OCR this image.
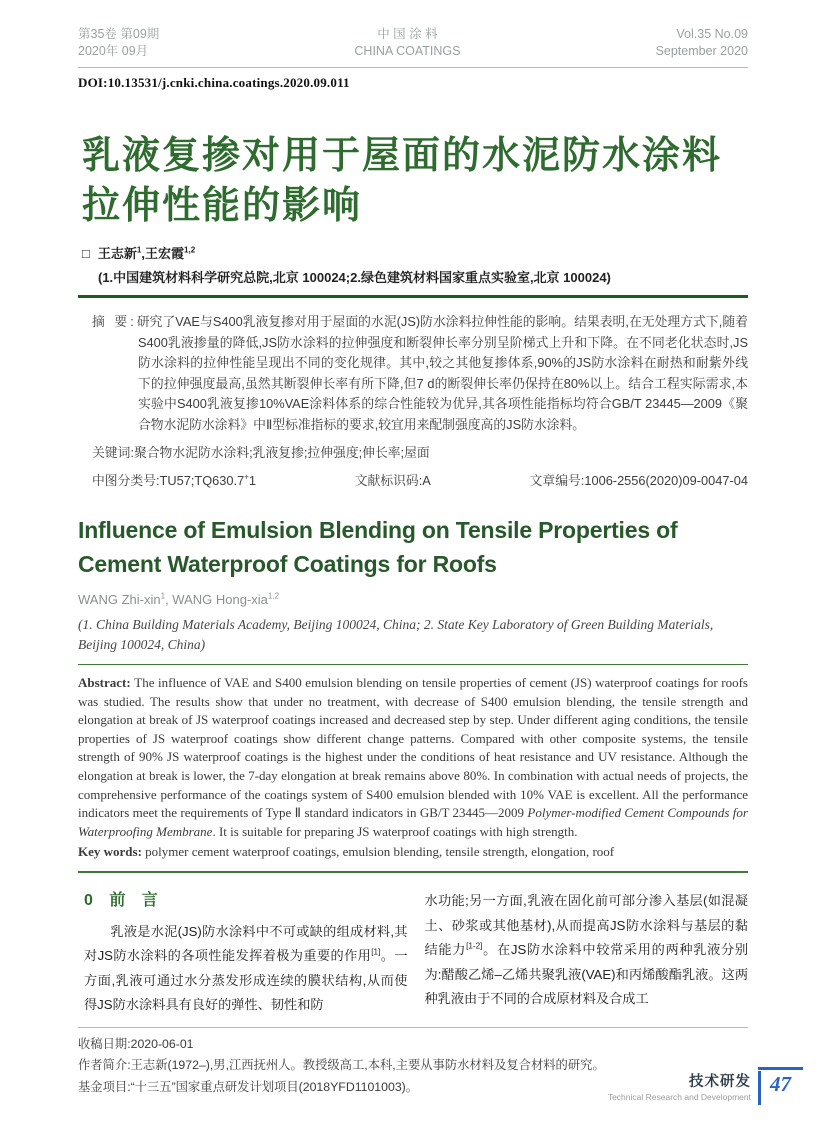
第35卷 第09期
2020年 09月
中 国 涂 料
CHINA COATINGS
Vol.35 No.09
September 2020
DOI:10.13531/j.cnki.china.coatings.2020.09.011
乳液复掺对用于屋面的水泥防水涂料
拉伸性能的影响
□ 王志新$^1$,王宏霞$^{1,2}$
(1.中国建筑材料科学研究总院,北京 100024;2.绿色建筑材料国家重点实验室,北京 100024)

摘 要:研究了VAE与S400乳液复掺对用于屋面的水泥(JS)防水涂料拉伸性能的影响。结果表明,在无处理方式下,随着S400乳液掺量的降低,JS防水涂料的拉伸强度和断裂伸长率分别呈阶梯式上升和下降。在不同老化状态时,JS防水涂料的拉伸性能呈现出不同的变化规律。其中,较之其他复掺体系,90%的JS防水涂料在耐热和耐紫外线下的拉伸强度最高,虽然其断裂伸长率有所下降,但7 d的断裂伸长率仍保持在80%以上。结合工程实际需求,本实验中S400乳液复掺10%VAE涂料体系的综合性能较为优异,其各项性能指标均符合GB/T 23445—2009《聚合物水泥防水涂料》中Ⅱ型标准指标的要求,较宜用来配制强度高的JS防水涂料。

关键词:聚合物水泥防水涂料;乳液复掺;拉伸强度;伸长率;屋面

中图分类号:TU57;TQ630.7+1	文献标识码:A	文章编号:1006-2556(2020)09-0047-04
Influence of Emulsion Blending on Tensile Properties of
Cement Waterproof Coatings for Roofs
WANG Zhi-xin$^1$, WANG Hong-xia$^{1,2}$
(1. China Building Materials Academy, Beijing 100024, China; 2. State Key Laboratory of Green Building Materials, Beijing 100024, China)

Abstract: The influence of VAE and S400 emulsion blending on tensile properties of cement (JS) waterproof coatings for roofs was studied. The results show that under no treatment, with decrease of S400 emulsion blending, the tensile strength and elongation at break of JS waterproof coatings increased and decreased step by step. Under different aging conditions, the tensile properties of JS waterproof coatings show different change patterns. Compared with other composite systems, the tensile strength of 90% JS waterproof coatings is the highest under the conditions of heat resistance and UV resistance. Although the elongation at break is lower, the 7-day elongation at break remains above 80%. In combination with actual needs of projects, the comprehensive performance of the coatings system of S400 emulsion blended with 10% VAE is excellent. All the performance indicators meet the requirements of Type Ⅱ standard indicators in GB/T 23445—2009 Polymer-modified Cement Compounds for Waterproofing Membrane. It is suitable for preparing JS waterproof coatings with high strength.

Key words: polymer cement waterproof coatings, emulsion blending, tensile strength, elongation, roof

0 前 言

乳液是水泥(JS)防水涂料中不可或缺的组成材料,其对JS防水涂料的各项性能发挥着极为重要的作用[1]。一方面,乳液可通过水分蒸发形成连续的膜状结构,从而使得JS防水涂料具有良好的弹性、韧性和防

水功能;另一方面,乳液在固化前可部分渗入基层(如混凝土、砂浆或其他基材),从而提高JS防水涂料与基层的黏结能力[1-2]。在JS防水涂料中较常采用的两种乳液分别为:醋酸乙烯–乙烯共聚乳液(VAE)和丙烯酸酯乳液。这两种乳液由于不同的合成原材料及合成工

收稿日期:2020-06-01
作者简介:王志新(1972–),男,江西抚州人。教授级高工,本科,主要从事防水材料及复合材料的研究。
基金项目:“十三五”国家重点研发计划项目(2018YFD1101003)。	技术研发
Technical Research and Development
47
